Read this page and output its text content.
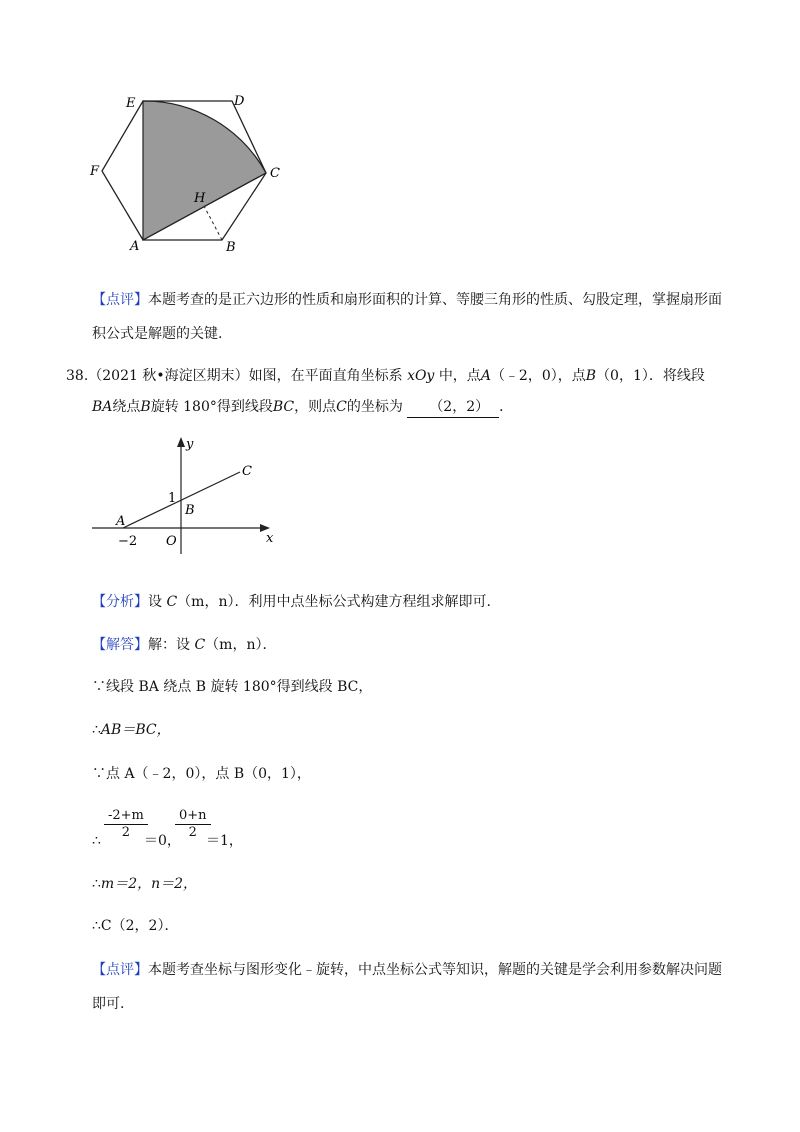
E	D
F	C
H
A	B
【点评】本题考查的是正六边形的性质和扇形面积的计算、等腰三角形的性质、勾股定理，掌握扇形面
积公式是解题的关键.
38.（2021 秋•海淀区期末）如图，在平面直角坐标系 xOy 中，点A（﹣2，0），点B（0，1）．将线段
BA绕点B旋转 180°得到线段BC，则点C的坐标为 （2，2） ．
y
x
C
1
B
A
−2 O
【分析】设 C（m，n）．利用中点坐标公式构建方程组求解即可.
【解答】解：设 C（m，n）．
∵线段 BA 绕点 B 旋转 180°得到线段 BC，
∴AB＝BC，
∵点 A（﹣2，0），点 B（0，1），
∴ $\frac{-2+m}{2}$
＝0，
$\frac{0+n}{2}$
＝1，
∴m＝2，n＝2，
∴C（2，2）．
【点评】本题考查坐标与图形变化﹣旋转，中点坐标公式等知识，解题的关键是学会利用参数解决问题
即可.
